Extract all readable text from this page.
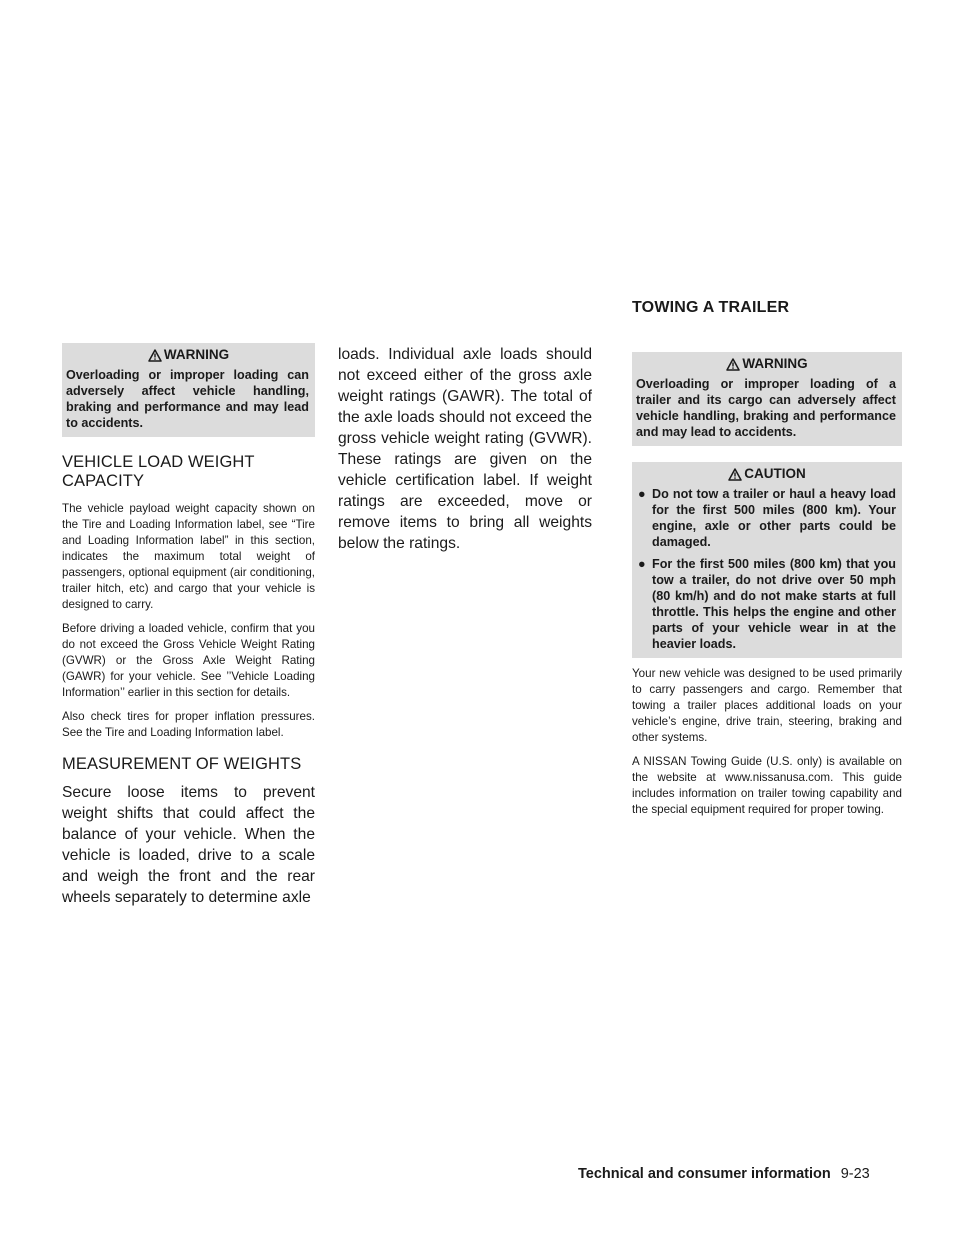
TOWING A TRAILER
WARNING
Overloading or improper loading can adversely affect vehicle handling, braking and performance and may lead to accidents.
VEHICLE LOAD WEIGHT CAPACITY

The vehicle payload weight capacity shown on the Tire and Loading Information label, see “Tire and Loading Information label” in this section, indicates the maximum total weight of passengers, optional equipment (air conditioning, trailer hitch, etc) and cargo that your vehicle is designed to carry.

Before driving a loaded vehicle, confirm that you do not exceed the Gross Vehicle Weight Rating (GVWR) or the Gross Axle Weight Rating (GAWR) for your vehicle. See ’’Vehicle Loading Information’’ earlier in this section for details.

Also check tires for proper inflation pressures. See the Tire and Loading Information label.

MEASUREMENT OF WEIGHTS

Secure loose items to prevent weight shifts that could affect the balance of your vehicle. When the vehicle is loaded, drive to a scale and weigh the front and the rear wheels separately to determine axle

loads. Individual axle loads should not exceed either of the gross axle weight ratings (GAWR). The total of the axle loads should not exceed the gross vehicle weight rating (GVWR). These ratings are given on the vehicle certification label. If weight ratings are exceeded, move or remove items to bring all weights below the ratings.

WARNING
Overloading or improper loading of a trailer and its cargo can adversely affect vehicle handling, braking and performance and may lead to accidents.
CAUTION
● Do not tow a trailer or haul a heavy load for the first 500 miles (800 km). Your engine, axle or other parts could be damaged.
● For the first 500 miles (800 km) that you tow a trailer, do not drive over 50 mph (80 km/h) and do not make starts at full throttle. This helps the engine and other parts of your vehicle wear in at the heavier loads.

Your new vehicle was designed to be used primarily to carry passengers and cargo. Remember that towing a trailer places additional loads on your vehicle’s engine, drive train, steering, braking and other systems.

A NISSAN Towing Guide (U.S. only) is available on the website at www.nissanusa.com. This guide includes information on trailer towing capability and the special equipment required for proper towing.

Technical and consumer information 9-23
